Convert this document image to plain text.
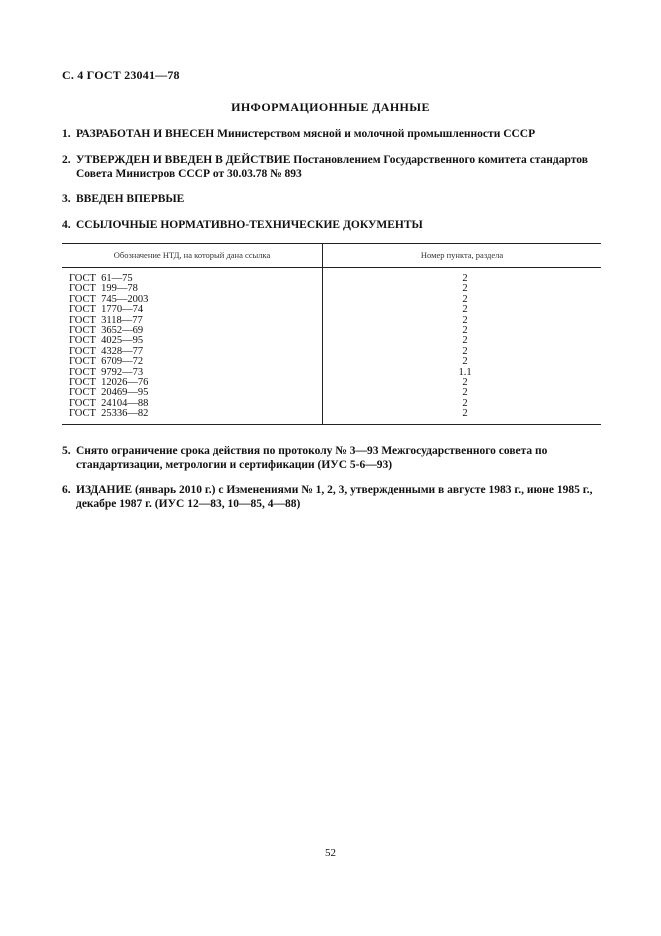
С. 4 ГОСТ 23041—78
ИНФОРМАЦИОННЫЕ ДАННЫЕ
1. РАЗРАБОТАН И ВНЕСЕН Министерством мясной и молочной промышленности СССР
2. УТВЕРЖДЕН И ВВЕДЕН В ДЕЙСТВИЕ Постановлением Государственного комитета стандартов Совета Министров СССР от 30.03.78 № 893
3. ВВЕДЕН ВПЕРВЫЕ
4. ССЫЛОЧНЫЕ НОРМАТИВНО-ТЕХНИЧЕСКИЕ ДОКУМЕНТЫ
Обозначение НТД, на который дана ссылка	Номер пункта, раздела
ГОСТ  61—75	2
ГОСТ  199—78	2
ГОСТ  745—2003	2
ГОСТ  1770—74	2
ГОСТ  3118—77	2
ГОСТ  3652—69	2
ГОСТ  4025—95	2
ГОСТ  4328—77	2
ГОСТ  6709—72	2
ГОСТ  9792—73	1.1
ГОСТ  12026—76	2
ГОСТ  20469—95	2
ГОСТ  24104—88	2
ГОСТ  25336—82	2
5. Снято ограничение срока действия по протоколу № 3—93 Межгосударственного совета по стандартизации, метрологии и сертификации (ИУС 5-6—93)
6. ИЗДАНИЕ (январь 2010 г.) с Изменениями № 1, 2, 3, утвержденными в августе 1983 г., июне 1985 г., декабре 1987 г. (ИУС 12—83, 10—85, 4—88)
52
